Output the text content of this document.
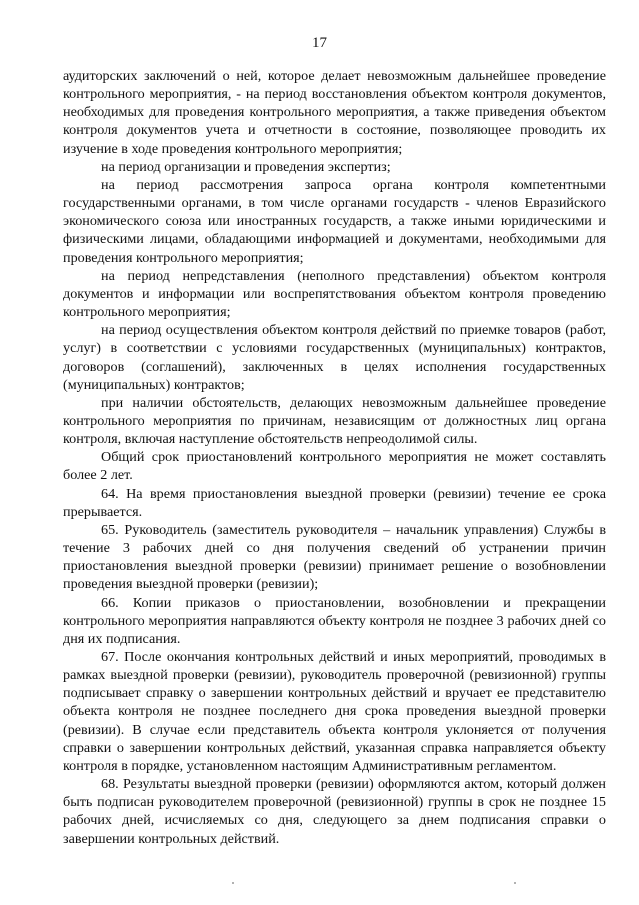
17

аудиторских заключений о ней, которое делает невозможным дальнейшее проведение контрольного мероприятия, - на период восстановления объектом контроля документов, необходимых для проведения контрольного мероприятия, а также приведения объектом контроля документов учета и отчетности в состояние, позволяющее проводить их изучение в ходе проведения контрольного мероприятия;

на период организации и проведения экспертиз;

на период рассмотрения запроса органа контроля компетентными государственными органами, в том числе органами государств - членов Евразийского экономического союза или иностранных государств, а также иными юридическими и физическими лицами, обладающими информацией и документами, необходимыми для проведения контрольного мероприятия;

на период непредставления (неполного представления) объектом контроля документов и информации или воспрепятствования объектом контроля проведению контрольного мероприятия;

на период осуществления объектом контроля действий по приемке товаров (работ, услуг) в соответствии с условиями государственных (муниципальных) контрактов, договоров (соглашений), заключенных в целях исполнения государственных (муниципальных) контрактов;

при наличии обстоятельств, делающих невозможным дальнейшее проведение контрольного мероприятия по причинам, независящим от должностных лиц органа контроля, включая наступление обстоятельств непреодолимой силы.

Общий срок приостановлений контрольного мероприятия не может составлять более 2 лет.

64. На время приостановления выездной проверки (ревизии) течение ее срока прерывается.

65. Руководитель (заместитель руководителя – начальник управления) Службы в течение 3 рабочих дней со дня получения сведений об устранении причин приостановления выездной проверки (ревизии) принимает решение о возобновлении проведения выездной проверки (ревизии);

66. Копии приказов о приостановлении, возобновлении и прекращении контрольного мероприятия направляются объекту контроля не позднее 3 рабочих дней со дня их подписания.

67. После окончания контрольных действий и иных мероприятий, проводимых в рамках выездной проверки (ревизии), руководитель проверочной (ревизионной) группы подписывает справку о завершении контрольных действий и вручает ее представителю объекта контроля не позднее последнего дня срока проведения выездной проверки (ревизии). В случае если представитель объекта контроля уклоняется от получения справки о завершении контрольных действий, указанная справка направляется объекту контроля в порядке, установленном настоящим Административным регламентом.

68. Результаты выездной проверки (ревизии) оформляются актом, который должен быть подписан руководителем проверочной (ревизионной) группы в срок не позднее 15 рабочих дней, исчисляемых со дня, следующего за днем подписания справки о завершении контрольных действий.
